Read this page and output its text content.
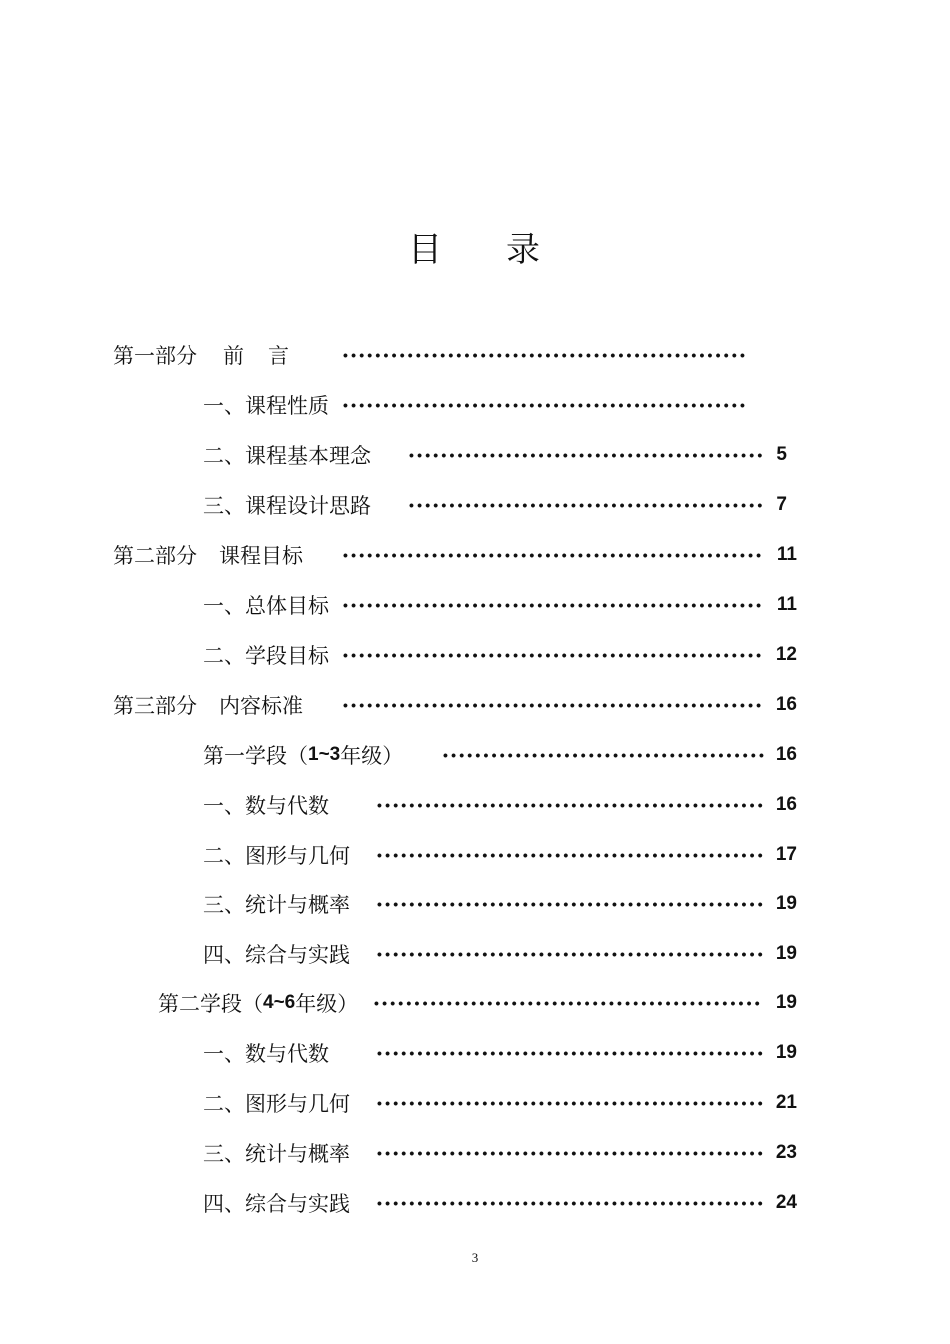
目 录
第一部分 前 言	••••••••••••••••••••••••••••••••••••••••••••••••••
一、课程性质 ••••••••••••••••••••••••••••••••••••••••••••••••••
二、课程基本理念	•••••••••••••••••••••••••••••••••••••••••••• 5
三、课程设计思路	•••••••••••••••••••••••••••••••••••••••••••• 7
第二部分 课程目标	•••••••••••••••••••••••••••••••••••••••••••••••••••• 11
一、总体目标 •••••••••••••••••••••••••••••••••••••••••••••••••••• 11
二、学段目标 •••••••••••••••••••••••••••••••••••••••••••••••••••• 12
第三部分 内容标准	•••••••••••••••••••••••••••••••••••••••••••••••••••• 16
第一学段（ 1~3 年级）	•••••••••••••••••••••••••••••••••••••••• 16
一、数与代数	•••••••••••••••••••••••••••••••••••••••••••••••• 16
二、图形与几何 •••••••••••••••••••••••••••••••••••••••••••••••• 17
三、统计与概率 •••••••••••••••••••••••••••••••••••••••••••••••• 19
四、综合与实践 •••••••••••••••••••••••••••••••••••••••••••••••• 19
第二学段（ 4~6 年级） •••••••••••••••••••••••••••••••••••••••••••••••• 19
一、数与代数	•••••••••••••••••••••••••••••••••••••••••••••••• 19
二、图形与几何 •••••••••••••••••••••••••••••••••••••••••••••••• 21
三、统计与概率 •••••••••••••••••••••••••••••••••••••••••••••••• 23
四、综合与实践 •••••••••••••••••••••••••••••••••••••••••••••••• 24
3
